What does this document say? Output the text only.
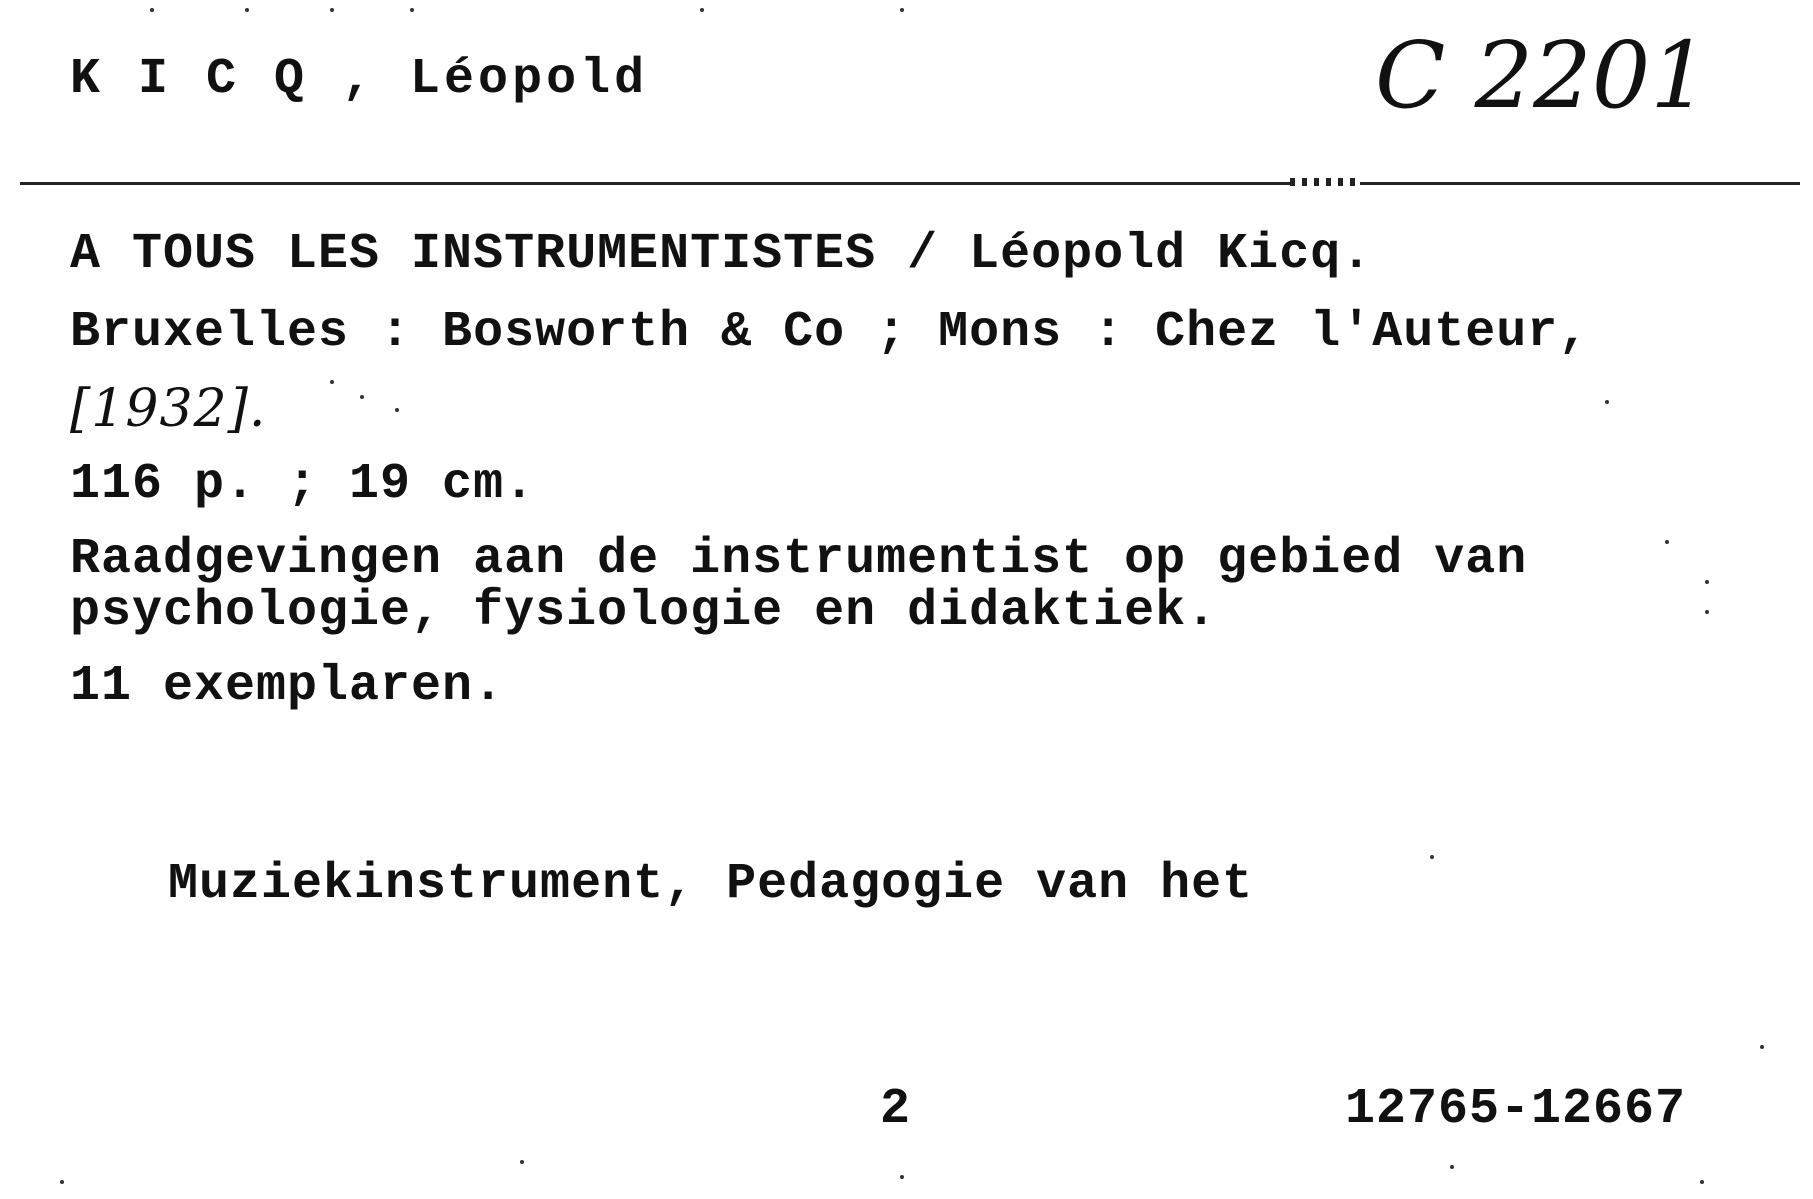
K I C Q , Léopold	C 2201
A TOUS LES INSTRUMENTISTES / Léopold Kicq.
Bruxelles : Bosworth & Co ; Mons : Chez l'Auteur,
[1932].
116 p. ; 19 cm.
Raadgevingen aan de instrumentist op gebied van
psychologie, fysiologie en didaktiek.
11 exemplaren.
Muziekinstrument, Pedagogie van het
2	12765-12667
